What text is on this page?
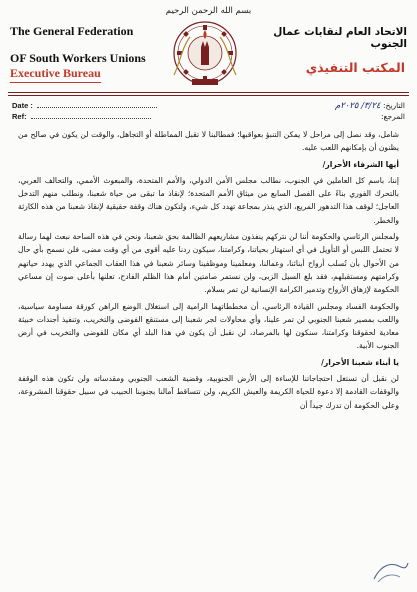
بسم الله الرحمن الرحيم
The General Federation
OF South Workers Unions
Executive Bureau
الاتحاد العام لنقابات عمال الجنوب
المكتب التنفيذي
Date :
Ref:
التاريخ: ٣/٢٤/ ٢٠٢٥م
المرجع:

شامل، وقد نصل إلى مراحل لا يمكن التنبؤ بعواقبها؛ فمطالبنا لا تقبل المماطلة أو التجاهل، والوقت لن يكون في صالح من يظنون أن بإمكانهم اللعب عليه.

أيها الشرفاء الأحرار/

إننا، باسم كل العاملين في الجنوب، نطالب مجلس الأمن الدولي، والأمم المتحدة، والمبعوث الأممي، والتحالف العربي، بالتحرك الفوري بناءً على الفصل السابع من ميثاق الأمم المتحدة؛ لإنقاذ ما تبقى من حياة شعبنا، ونطلب منهم التدخل العاجل؛ لوقف هذا التدهور المريع، الذي ينذر بمجاعة تهدد كل شيء، ولتكون هناك وقفة حقيقية لإنقاذ شعبنا من هذه الكارثة والخطر.

ولمجلس الرئاسي والحكومة أننا لن نتركهم ينفذون مشاريعهم الظالمة بحق شعبنا، ونحن في هذه الساحة نبعث لهما رسالة لا تحتمل اللبس أو التأويل في أي استهتار بحياتنا، وكرامتنا، سيكون ردنا عليه أقوى من أي وقت مضى، فلن نسمح بأي حال من الأحوال بأن تُسلب أرواح أبنائنا، وعمالنا، ومعلمينا وموظفينا وسائر شعبنا في هذا العقاب الجماعي الذي يهدد حياتهم وكرامتهم ومستقبلهم، فقد بلغ السيل الزبى، ولن نستمر صامتين أمام هذا الظلم الفادح، تعلنها بأعلى صوت إن مساعي الحكومة لإزهاق الأرواح وتدمير الكرامة الإنسانية لن تمر بسلام.

والحكومة الفساد ومجلس القيادة الرئاسي، أن مخططاتهما الرامية إلى استغلال الوضع الراهن كورقة مساومة سياسية، واللعب بمصير شعبنا الجنوبي لن تمر علينا، وأي محاولات لجر شعبنا إلى مستنقع الفوضى والتخريب، وتنفيذ أجندات خبيثة معادية لحقوقنا وكرامتنا، سنكون لها بالمرصاد، لن نقبل أن يكون في هذا البلد أي مكان للفوضى والتخريب في أرض الجنوب الأبية.

يا أبناء شعبنا الأحرار/

لن نقبل أن تستغل احتجاجاتنا للإساءة إلى الأرض الجنوبية، وقضية الشعب الجنوبي ومقدساته ولن تكون هذه الوقفة والوقفات القادمة إلا دعوة للحياة الكريمة والعيش الكريم، ولن تتساقط آمالنا بجنوبنا الحبيب في سبيل حقوقنا المشروعة، وعلى الحكومة أن تدرك جيداً أن
